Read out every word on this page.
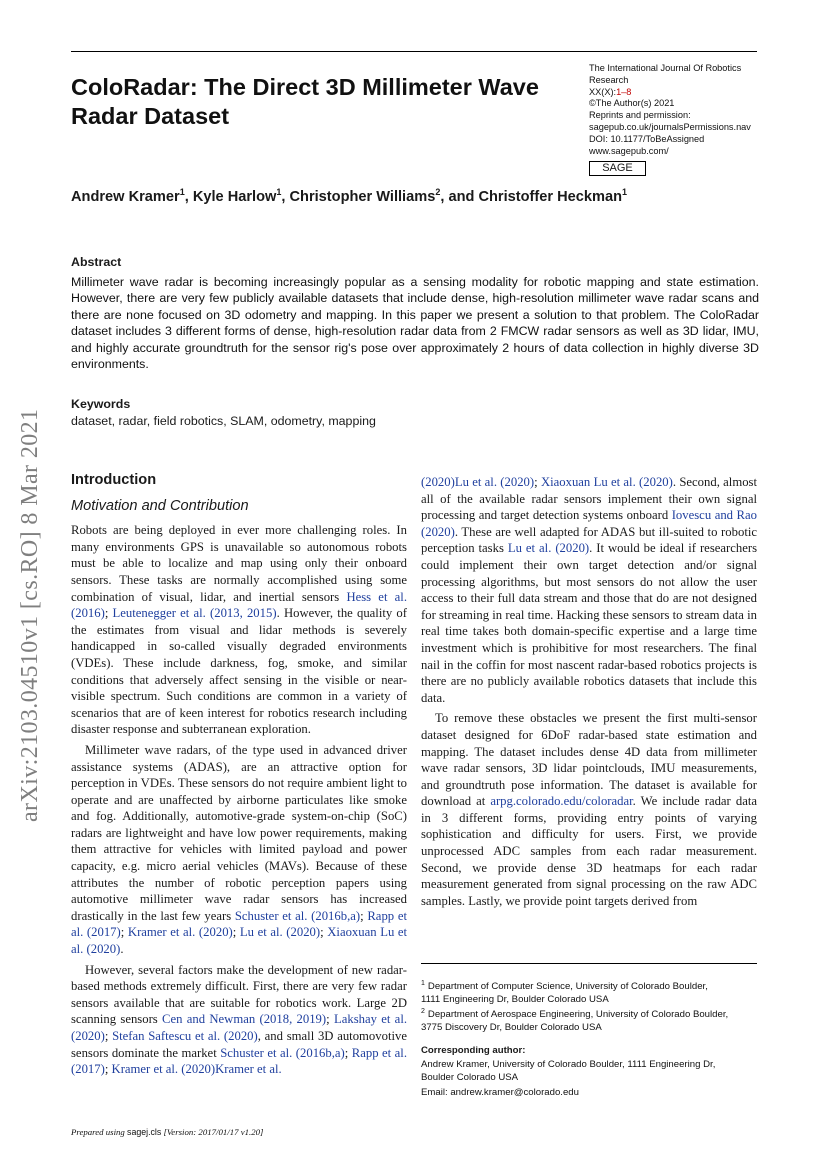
ColoRadar: The Direct 3D Millimeter Wave Radar Dataset
The International Journal Of Robotics
Research
XX(X):1–8
©The Author(s) 2021
Reprints and permission:
sagepub.co.uk/journalsPermissions.nav
DOI: 10.1177/ToBeAssigned
www.sagepub.com/
SAGE
Andrew Kramer$^1$, Kyle Harlow$^1$, Christopher Williams$^2$, and Christoffer Heckman$^1$
Abstract

Millimeter wave radar is becoming increasingly popular as a sensing modality for robotic mapping and state estimation. However, there are very few publicly available datasets that include dense, high-resolution millimeter wave radar scans and there are none focused on 3D odometry and mapping. In this paper we present a solution to that problem. The ColoRadar dataset includes 3 different forms of dense, high-resolution radar data from 2 FMCW radar sensors as well as 3D lidar, IMU, and highly accurate groundtruth for the sensor rig's pose over approximately 2 hours of data collection in highly diverse 3D environments.

Keywords
dataset, radar, field robotics, SLAM, odometry, mapping
arXiv:2103.04510v1 [cs.RO] 8 Mar 2021 Introduction
Motivation and Contribution

Robots are being deployed in ever more challenging roles. In many environments GPS is unavailable so autonomous robots must be able to localize and map using only their onboard sensors. These tasks are normally accomplished using some combination of visual, lidar, and inertial sensors Hess et al. (2016); Leutenegger et al. (2013, 2015). However, the quality of the estimates from visual and lidar methods is severely handicapped in so-called visually degraded environments (VDEs). These include darkness, fog, smoke, and similar conditions that adversely affect sensing in the visible or near-visible spectrum. Such conditions are common in a variety of scenarios that are of keen interest for robotics research including disaster response and subterranean exploration.

Millimeter wave radars, of the type used in advanced driver assistance systems (ADAS), are an attractive option for perception in VDEs. These sensors do not require ambient light to operate and are unaffected by airborne particulates like smoke and fog. Additionally, automotive-grade system-on-chip (SoC) radars are lightweight and have low power requirements, making them attractive for vehicles with limited payload and power capacity, e.g. micro aerial vehicles (MAVs). Because of these attributes the number of robotic perception papers using automotive millimeter wave radar sensors has increased drastically in the last few years Schuster et al. (2016b,a); Rapp et al. (2017); Kramer et al. (2020); Lu et al. (2020); Xiaoxuan Lu et al. (2020).

However, several factors make the development of new radar-based methods extremely difficult. First, there are very few radar sensors available that are suitable for robotics work. Large 2D scanning sensors Cen and Newman (2018, 2019); Lakshay et al. (2020); Stefan Saftescu et al. (2020), and small 3D automovotive sensors dominate the market Schuster et al. (2016b,a); Rapp et al. (2017); Kramer et al. (2020)Kramer et al.

(2020)Lu et al. (2020); Xiaoxuan Lu et al. (2020). Second, almost all of the available radar sensors implement their own signal processing and target detection systems onboard Iovescu and Rao (2020). These are well adapted for ADAS but ill-suited to robotic perception tasks Lu et al. (2020). It would be ideal if researchers could implement their own target detection and/or signal processing algorithms, but most sensors do not allow the user access to their full data stream and those that do are not designed for streaming in real time. Hacking these sensors to stream data in real time takes both domain-specific expertise and a large time investment which is prohibitive for most researchers. The final nail in the coffin for most nascent radar-based robotics projects is there are no publicly available robotics datasets that include this data.

To remove these obstacles we present the first multi-sensor dataset designed for 6DoF radar-based state estimation and mapping. The dataset includes dense 4D data from millimeter wave radar sensors, 3D lidar pointclouds, IMU measurements, and groundtruth pose information. The dataset is available for download at arpg.colorado.edu/coloradar. We include radar data in 3 different forms, providing entry points of varying sophistication and difficulty for users. First, we provide unprocessed ADC samples from each radar measurement. Second, we provide dense 3D heatmaps for each radar measurement generated from signal processing on the raw ADC samples. Lastly, we provide point targets derived from

$^1$ Department of Computer Science, University of Colorado Boulder,
1111 Engineering Dr, Boulder Colorado USA
$^2$ Department of Aerospace Engineering, University of Colorado Boulder,
3775 Discovery Dr, Boulder Colorado USA
Corresponding author:
Andrew Kramer, University of Colorado Boulder, 1111 Engineering Dr,
Boulder Colorado USA
Email: andrew.kramer@colorado.edu
Prepared using sagej.cls [Version: 2017/01/17 v1.20]
